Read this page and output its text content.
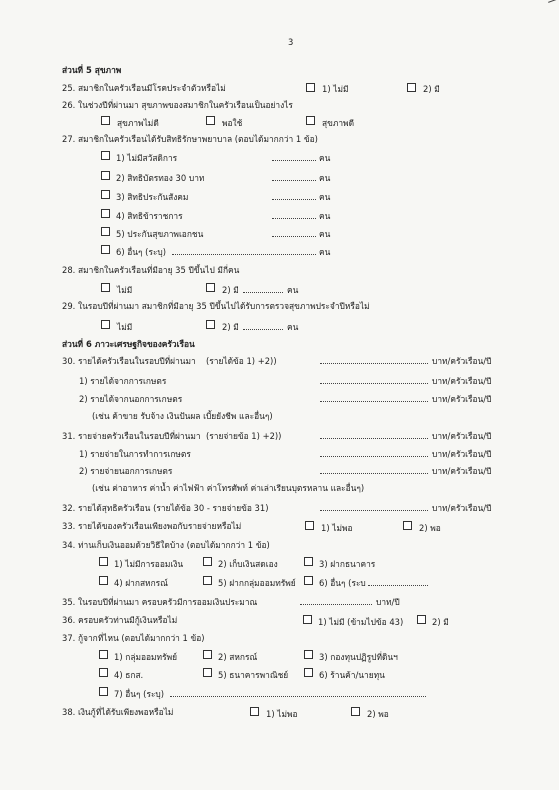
3
ส่วนที่ 5 สุขภาพ
25. สมาชิกในครัวเรือนมีโรคประจำตัวหรือไม่	1) ไม่มี	2) มี
26. ในช่วงปีที่ผ่านมา สุขภาพของสมาชิกในครัวเรือนเป็นอย่างไร
สุขภาพไม่ดี	พอใช้	สุขภาพดี
27. สมาชิกในครัวเรือนได้รับสิทธิรักษาพยาบาล (ตอบได้มากกว่า 1 ข้อ)
1) ไม่มีสวัสดิการ	คน
2) สิทธิบัตรทอง 30 บาท	คน
3) สิทธิประกันสังคม	คน
4) สิทธิข้าราชการ	คน
5) ประกันสุขภาพเอกชน	คน
6) อื่นๆ (ระบุ)	คน
28. สมาชิกในครัวเรือนที่มีอายุ 35 ปีขึ้นไป มีกี่คน
ไม่มี	2) มี	คน
29. ในรอบปีที่ผ่านมา สมาชิกที่มีอายุ 35 ปีขึ้นไปได้รับการตรวจสุขภาพประจำปีหรือไม่
ไม่มี	2) มี	คน
ส่วนที่ 6 ภาวะเศรษฐกิจของครัวเรือน
30. รายได้ครัวเรือนในรอบปีที่ผ่านมา (รายได้ข้อ 1) +2))	บาท/ครัวเรือน/ปี
1) รายได้จากการเกษตร	บาท/ครัวเรือน/ปี
2) รายได้จากนอกการเกษตร	บาท/ครัวเรือน/ปี
(เช่น ค้าขาย รับจ้าง เงินปันผล เบี้ยยังชีพ และอื่นๆ)
31. รายจ่ายครัวเรือนในรอบปีที่ผ่านมา (รายจ่ายข้อ 1) +2))	บาท/ครัวเรือน/ปี
1) รายจ่ายในการทำการเกษตร	บาท/ครัวเรือน/ปี
2) รายจ่ายนอกการเกษตร	บาท/ครัวเรือน/ปี
(เช่น ค่าอาหาร ค่าน้ำ ค่าไฟฟ้า ค่าโทรศัพท์ ค่าเล่าเรียนบุตรหลาน และอื่นๆ)
32. รายได้สุทธิครัวเรือน (รายได้ข้อ 30 - รายจ่ายข้อ 31)	บาท/ครัวเรือน/ปี
33. รายได้ของครัวเรือนเพียงพอกับรายจ่ายหรือไม่	1) ไม่พอ	2) พอ
34. ท่านเก็บเงินออมด้วยวิธีใดบ้าง (ตอบได้มากกว่า 1 ข้อ)
1) ไม่มีการออมเงิน	2) เก็บเงินสดเอง	3) ฝากธนาคาร
4) ฝากสหกรณ์	5) ฝากกลุ่มออมทรัพย์	6) อื่นๆ (ระบ
35. ในรอบปีที่ผ่านมา ครอบครัวมีการออมเงินประมาณ	บาท/ปี
36. ครอบครัวท่านมีกู้เงินหรือไม่	1) ไม่มี (ข้ามไปข้อ 43)	2) มี
37. กู้จากที่ไหน (ตอบได้มากกว่า 1 ข้อ)
1) กลุ่มออมทรัพย์	2) สหกรณ์	3) กองทุนปฏิรูปที่ดินฯ
4) ธกส.	5) ธนาคารพาณิชย์	6) ร้านค้า/นายทุน
7) อื่นๆ (ระบุ)
38. เงินกู้ที่ได้รับเพียงพอหรือไม่	1) ไม่พอ	2) พอ
